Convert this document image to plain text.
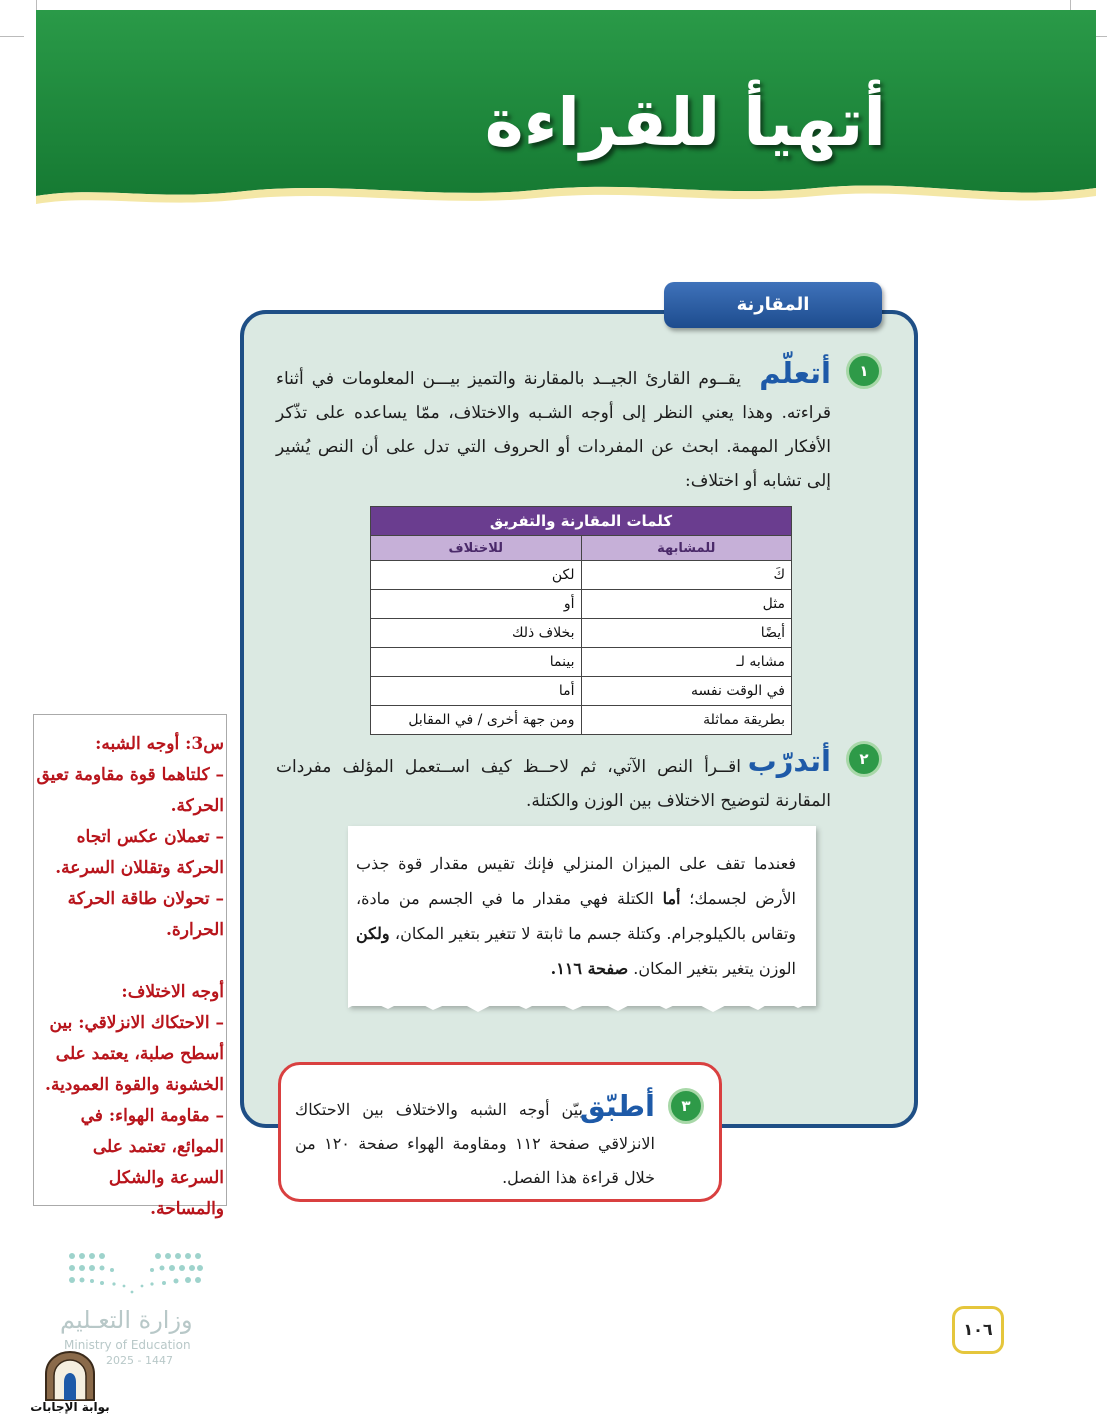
أتهيأ للقراءة
المقارنة
١
أتعلّم
يقــوم القارئ الجيــد بالمقارنة والتميز بيـــن المعلومات في أثناء قراءته. وهذا يعني النظر إلى أوجه الشـبه والاختلاف، ممّا يساعده على تذّكر الأفكار المهمة. ابحث عن المفردات أو الحروف التي تدل على أن النص يُشير إلى تشابه أو اختلاف:
كلمات المقارنة والتفريق	
للمشابهة	للاختلاف
كَ	لكن
مثل	أو
أيضًا	بخلاف ذلك
مشابه لـ	بينما
في الوقت نفسه	أما
بطريقة مماثلة	ومن جهة أخرى / في المقابل
٢
أتدرّب
اقــرأ النص الآتي، ثم لاحــظ كيف اســتعمل المؤلف مفردات المقارنة لتوضيح الاختلاف بين الوزن والكتلة.
فعندما تقف على الميزان المنزلي فإنك تقيس مقدار قوة جذب الأرض لجسمك؛ أما الكتلة فهي مقدار ما في الجسم من مادة، وتقاس بالكيلوجرام. وكتلة جسم ما ثابتة لا تتغير بتغير المكان، ولكن الوزن يتغير بتغير المكان. صفحة ١١٦.
٣
أطبّق
بيّن أوجه الشبه والاختلاف بين الاحتكاك الانزلاقي صفحة ١١٢ ومقاومة الهواء صفحة ١٢٠ من خلال قراءة هذا الفصل.

س3: أوجه الشبه:

– كلتاهما قوة مقاومة تعيق الحركة.

– تعملان عكس اتجاه الحركة وتقللان السرعة.

– تحولان طاقة الحركة الحرارة.

أوجه الاختلاف:

– الاحتكاك الانزلاقي: بين أسطح صلبة، يعتمد على الخشونة والقوة العمودية.

– مقاومة الهواء: في الموائع، تعتمد على السرعة والشكل والمساحة.

وزارة التعـليم
Ministry of Education
2025 - 1447
بوابة الإجابات
١٠٦
